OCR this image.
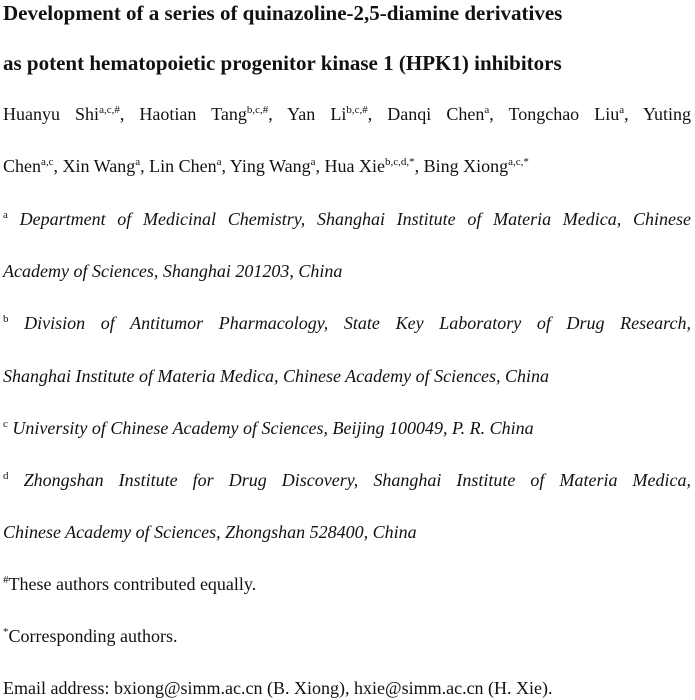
Development of a series of quinazoline-2,5-diamine derivatives
as potent hematopoietic progenitor kinase 1 (HPK1) inhibitors
Huanyu Shi$^{a,c,\#}$, Haotian Tang$^{b,c,\#}$, Yan $Li^{b,c,\#}$, Danqi Chen$^a$, Tongchao Liu$^a$, Yuting
Chen$^{a,c}$, Xin Wang$^a$, Lin Chen$^a$, Ying Wang$^a$, Hua Xie$^{b,c,d,*}$, Bing Xiong$^{a,c,*}$
$^a$ Department of Medicinal Chemistry, Shanghai Institute of Materia Medica, Chinese
Academy of Sciences, Shanghai 201203, China
$^b$ Division of Antitumor Pharmacology, State Key Laboratory of Drug Research,
Shanghai Institute of Materia Medica, Chinese Academy of Sciences, China
$^c$ University of Chinese Academy of Sciences, Beijing 100049, P. R. China
$^d$ Zhongshan Institute for Drug Discovery, Shanghai Institute of Materia Medica,
Chinese Academy of Sciences, Zhongshan 528400, China
#These authors contributed equally.
*Corresponding authors.
Email address: bxiong@simm.ac.cn (B. Xiong), hxie@simm.ac.cn (H. Xie).
